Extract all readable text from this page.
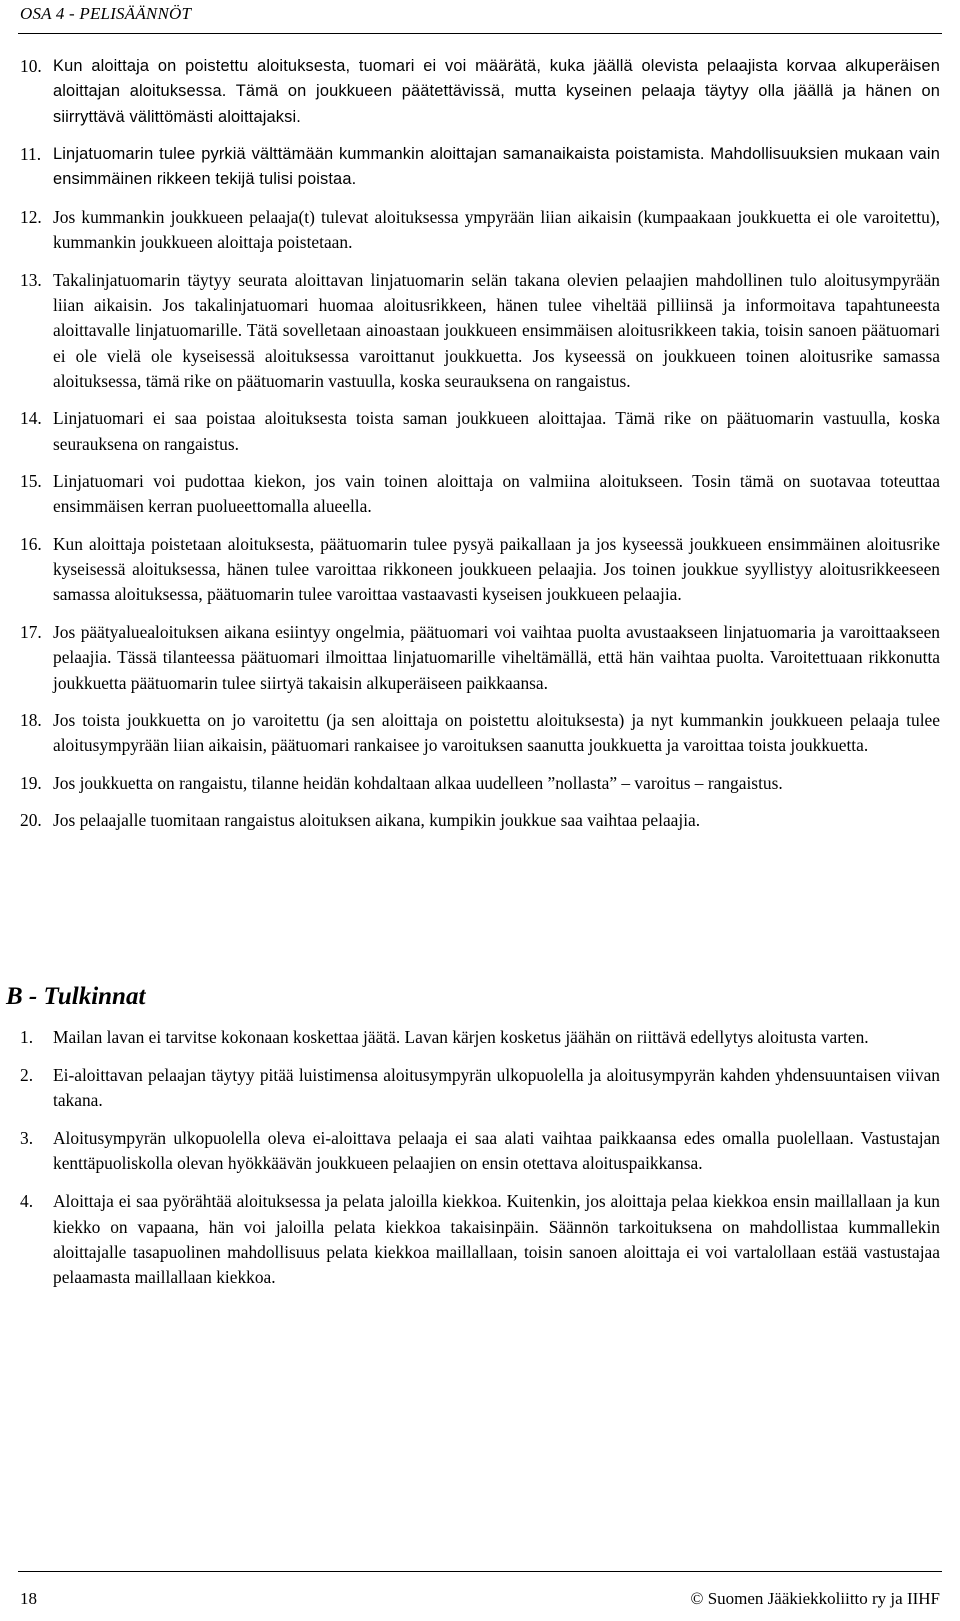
OSA 4 - PELISÄÄNNÖT
10. Kun aloittaja on poistettu aloituksesta, tuomari ei voi määrätä, kuka jäällä olevista pelaajista korvaa alkuperäisen aloittajan aloituksessa. Tämä on joukkueen päätettävissä, mutta kyseinen pelaaja täytyy olla jäällä ja hänen on siirryttävä välittömästi aloittajaksi.
11. Linjatuomarin tulee pyrkiä välttämään kummankin aloittajan samanaikaista poistamista. Mahdollisuuksien mukaan vain ensimmäinen rikkeen tekijä tulisi poistaa.
12. Jos kummankin joukkueen pelaaja(t) tulevat aloituksessa ympyrään liian aikaisin (kumpaakaan joukkuetta ei ole varoitettu), kummankin joukkueen aloittaja poistetaan.
13. Takalinjatuomarin täytyy seurata aloittavan linjatuomarin selän takana olevien pelaajien mahdollinen tulo aloitusympyrään liian aikaisin. Jos takalinjatuomari huomaa aloitusrikkeen, hänen tulee viheltää pilliinsä ja informoitava tapahtuneesta aloittavalle linjatuomarille. Tätä sovelletaan ainoastaan joukkueen ensimmäisen aloitusrikkeen takia, toisin sanoen päätuomari ei ole vielä ole kyseisessä aloituksessa varoittanut joukkuetta. Jos kyseessä on joukkueen toinen aloitusrike samassa aloituksessa, tämä rike on päätuomarin vastuulla, koska seurauksena on rangaistus.
14. Linjatuomari ei saa poistaa aloituksesta toista saman joukkueen aloittajaa. Tämä rike on päätuomarin vastuulla, koska seurauksena on rangaistus.
15. Linjatuomari voi pudottaa kiekon, jos vain toinen aloittaja on valmiina aloitukseen. Tosin tämä on suotavaa toteuttaa ensimmäisen kerran puolueettomalla alueella.
16. Kun aloittaja poistetaan aloituksesta, päätuomarin tulee pysyä paikallaan ja jos kyseessä joukkueen ensimmäinen aloitusrike kyseisessä aloituksessa, hänen tulee varoittaa rikkoneen joukkueen pelaajia. Jos toinen joukkue syyllistyy aloitusrikkeeseen samassa aloituksessa, päätuomarin tulee varoittaa vastaavasti kyseisen joukkueen pelaajia.
17. Jos päätyaluealoituksen aikana esiintyy ongelmia, päätuomari voi vaihtaa puolta avustaakseen linjatuomaria ja varoittaakseen pelaajia. Tässä tilanteessa päätuomari ilmoittaa linjatuomarille viheltämällä, että hän vaihtaa puolta. Varoitettuaan rikkonutta joukkuetta päätuomarin tulee siirtyä takaisin alkuperäiseen paikkaansa.
18. Jos toista joukkuetta on jo varoitettu (ja sen aloittaja on poistettu aloituksesta) ja nyt kummankin joukkueen pelaaja tulee aloitusympyrään liian aikaisin, päätuomari rankaisee jo varoituksen saanutta joukkuetta ja varoittaa toista joukkuetta.
19. Jos joukkuetta on rangaistu, tilanne heidän kohdaltaan alkaa uudelleen ”nollasta” – varoitus – rangaistus.
20. Jos pelaajalle tuomitaan rangaistus aloituksen aikana, kumpikin joukkue saa vaihtaa pelaajia.
B - Tulkinnat
1.	Mailan lavan ei tarvitse kokonaan koskettaa jäätä. Lavan kärjen kosketus jäähän on riittävä edellytys aloitusta varten.
2.	Ei-aloittavan pelaajan täytyy pitää luistimensa aloitusympyrän ulkopuolella ja aloitusympyrän kahden yhdensuuntaisen viivan takana.
3.	Aloitusympyrän ulkopuolella oleva ei-aloittava pelaaja ei saa alati vaihtaa paikkaansa edes omalla puolellaan. Vastustajan kenttäpuoliskolla olevan hyökkäävän joukkueen pelaajien on ensin otettava aloituspaikkansa.
4.	Aloittaja ei saa pyörähtää aloituksessa ja pelata jaloilla kiekkoa. Kuitenkin, jos aloittaja pelaa kiekkoa ensin maillallaan ja kun kiekko on vapaana, hän voi jaloilla pelata kiekkoa takaisinpäin. Säännön tarkoituksena on mahdollistaa kummallekin aloittajalle tasapuolinen mahdollisuus pelata kiekkoa maillallaan, toisin sanoen aloittaja ei voi vartalollaan estää vastustajaa pelaamasta maillallaan kiekkoa.
18	© Suomen Jääkiekkoliitto ry ja IIHF
